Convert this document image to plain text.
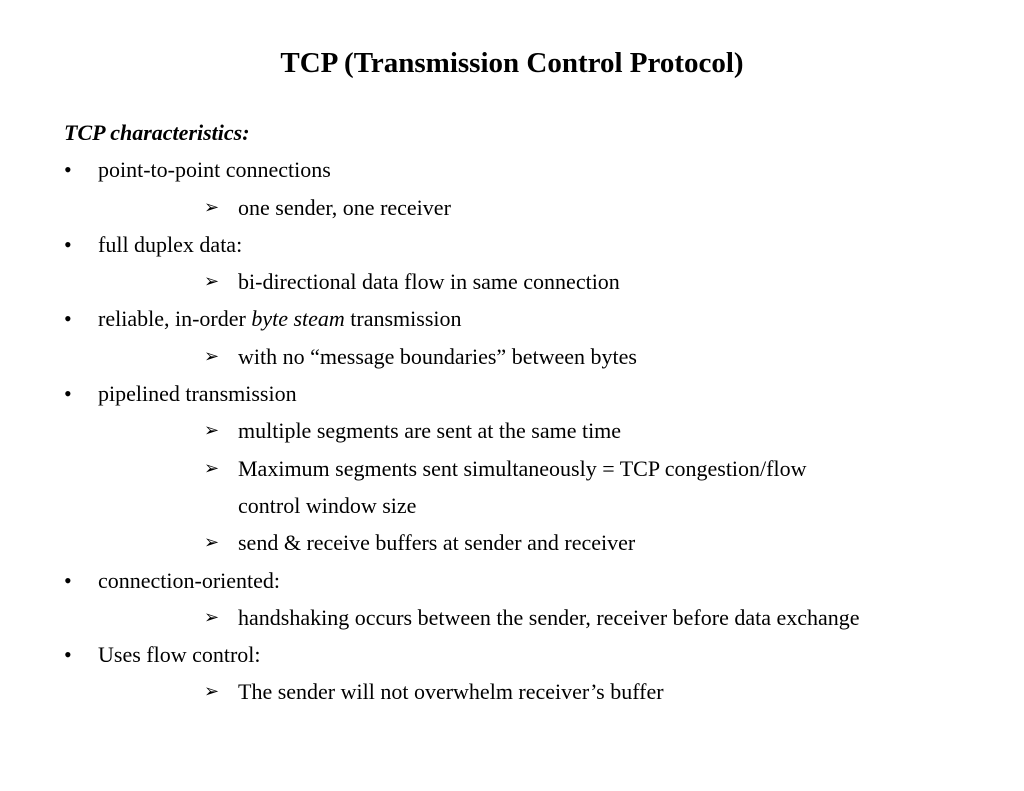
TCP (Transmission Control Protocol)
TCP characteristics:
•	point-to-point connections
➢ one sender, one receiver
•	full duplex data:
➢ bi-directional data flow in same connection
•	reliable, in-order byte steam transmission
➢ with no “message boundaries” between bytes
•	pipelined transmission
➢ multiple segments are sent at the same time
➢ Maximum segments sent simultaneously = TCP congestion/flow
control window size
➢ send & receive buffers at sender and receiver
•	connection-oriented:
➢ handshaking occurs between the sender, receiver before data exchange
•	Uses flow control:
➢ The sender will not overwhelm receiver’s buffer
